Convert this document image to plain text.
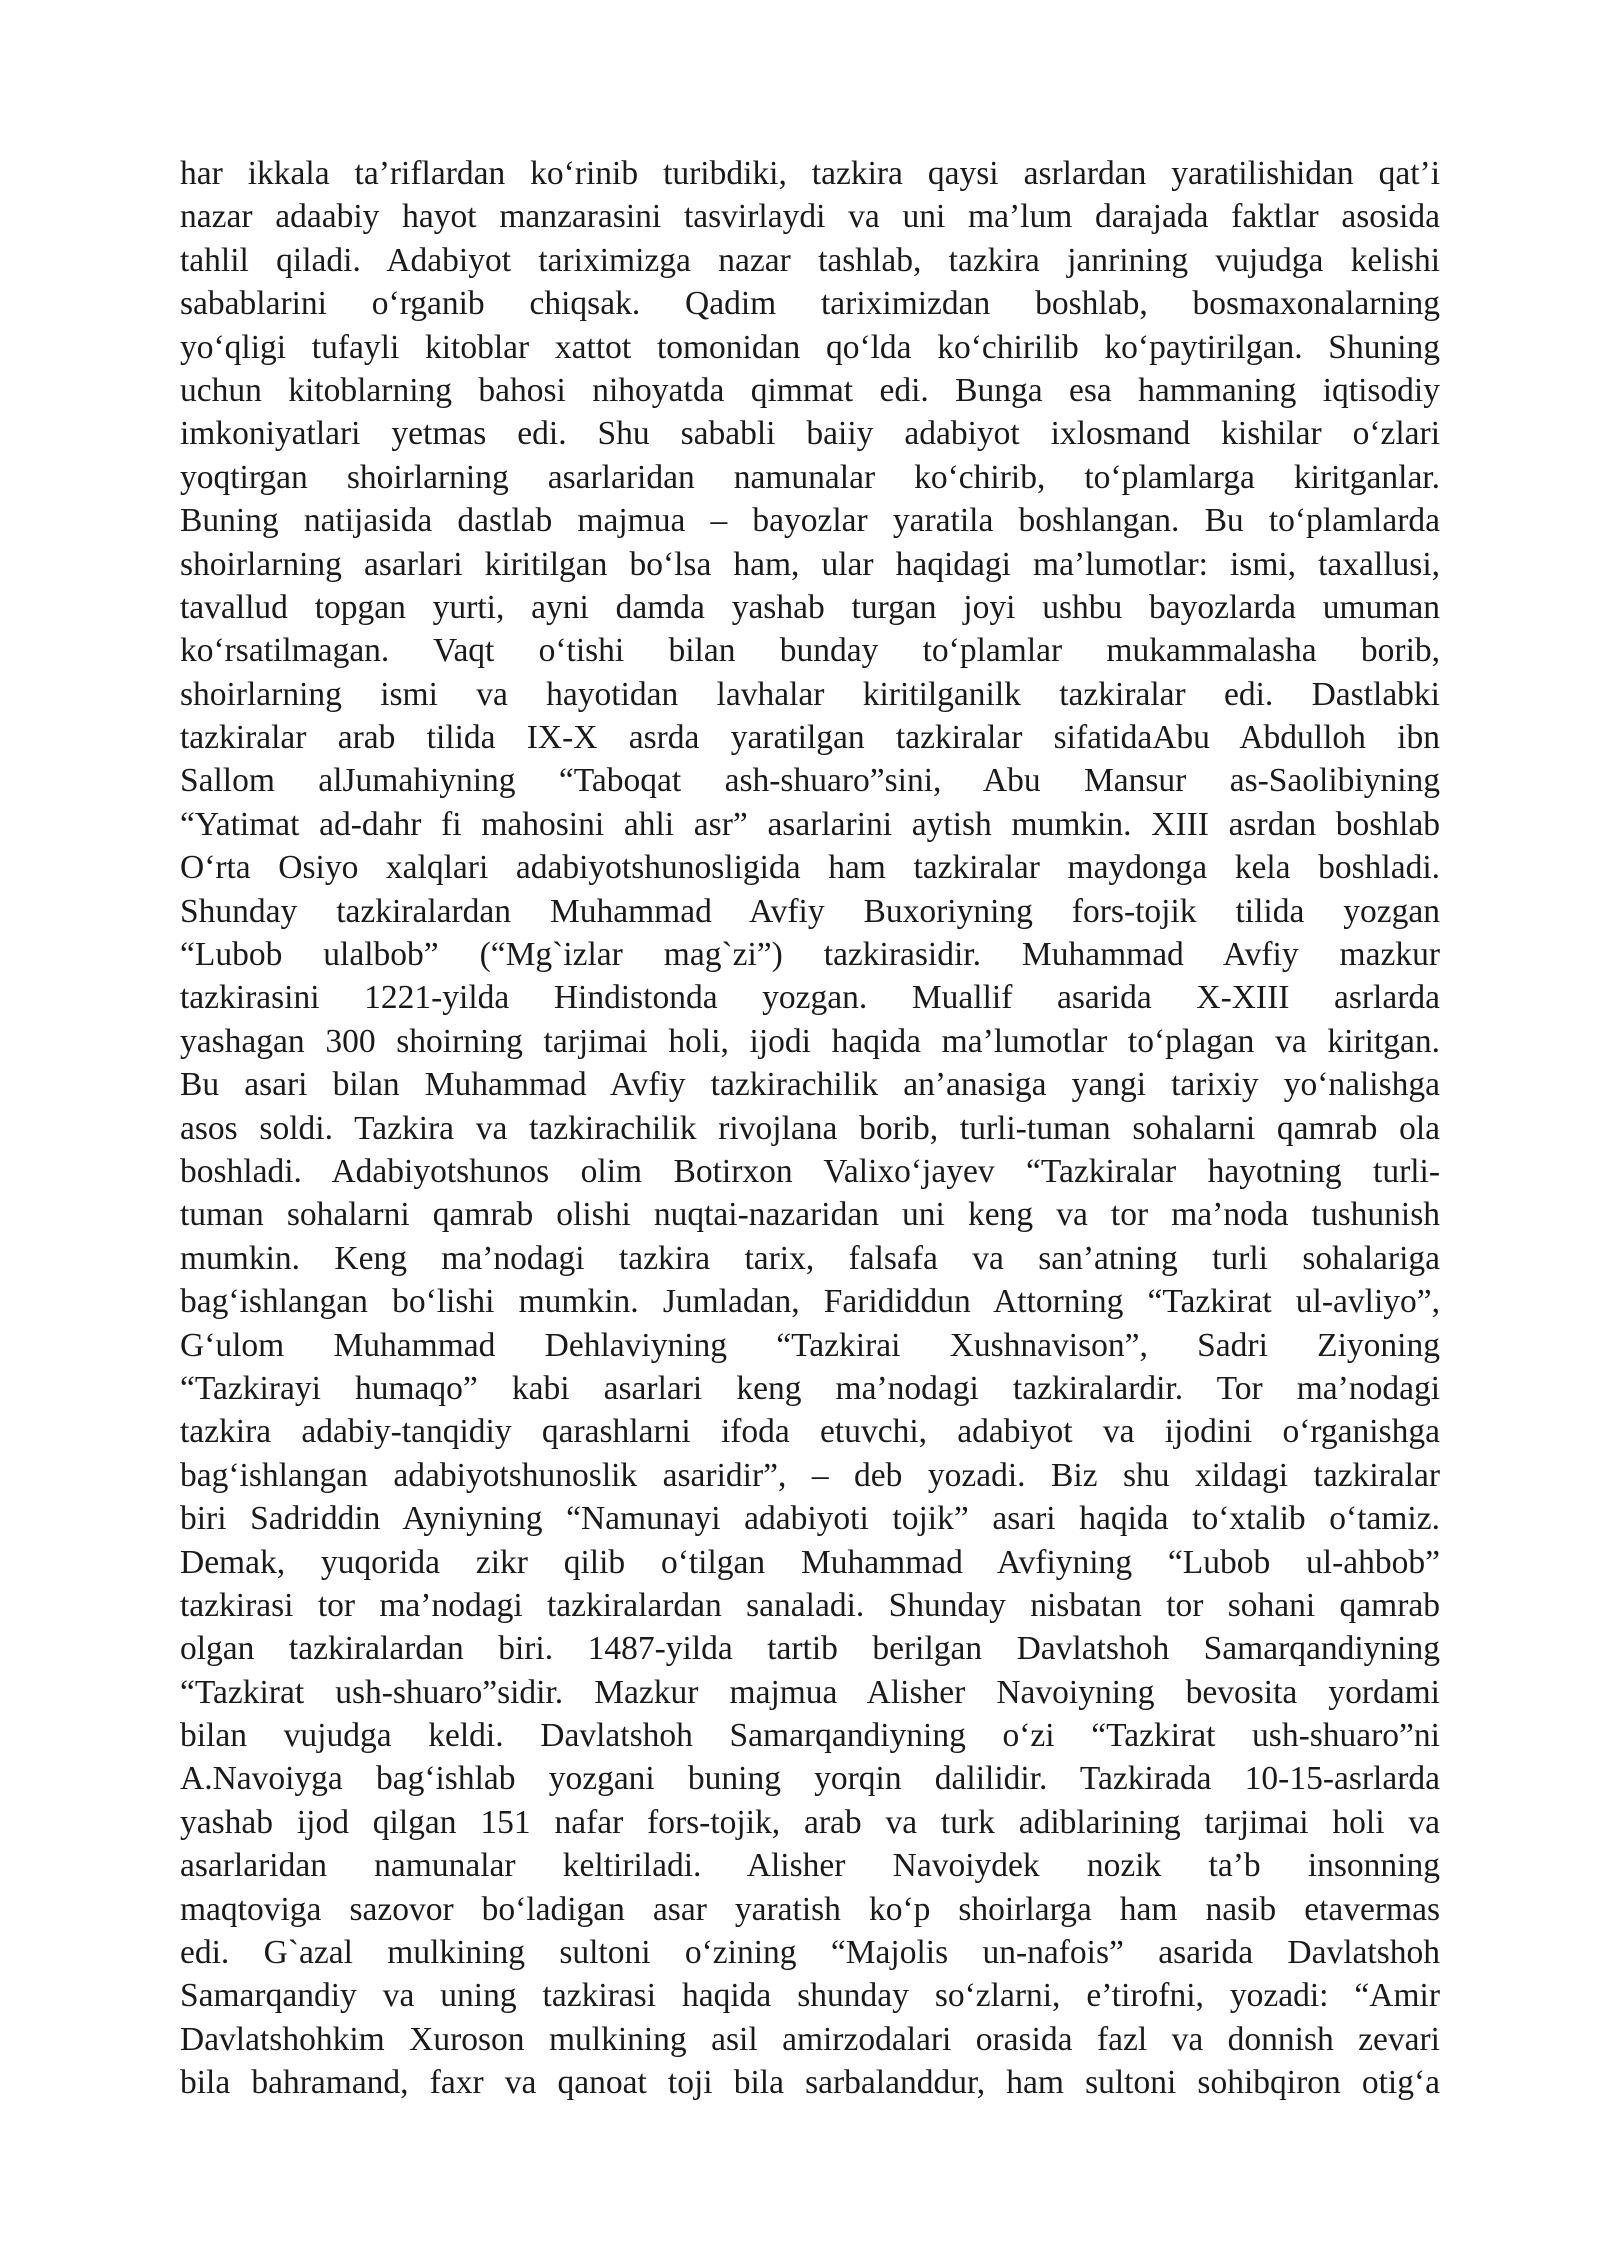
har ikkala ta’riflardan ko‘rinib turibdiki, tazkira qaysi asrlardan yaratilishidan qat’i
nazar adaabiy hayot manzarasini tasvirlaydi va uni ma’lum darajada faktlar asosida
tahlil qiladi. Adabiyot tariximizga nazar tashlab, tazkira janrining vujudga kelishi
sabablarini o‘rganib chiqsak. Qadim tariximizdan boshlab, bosmaxonalarning
yo‘qligi tufayli kitoblar xattot tomonidan qo‘lda ko‘chirilib ko‘paytirilgan. Shuning
uchun kitoblarning bahosi nihoyatda qimmat edi. Bunga esa hammaning iqtisodiy
imkoniyatlari yetmas edi. Shu sababli baiiy adabiyot ixlosmand kishilar o‘zlari
yoqtirgan shoirlarning asarlaridan namunalar ko‘chirib, to‘plamlarga kiritganlar.
Buning natijasida dastlab majmua – bayozlar yaratila boshlangan. Bu to‘plamlarda
shoirlarning asarlari kiritilgan bo‘lsa ham, ular haqidagi ma’lumotlar: ismi, taxallusi,
tavallud topgan yurti, ayni damda yashab turgan joyi ushbu bayozlarda umuman
ko‘rsatilmagan. Vaqt o‘tishi bilan bunday to‘plamlar mukammalasha borib,
shoirlarning ismi va hayotidan lavhalar kiritilganilk tazkiralar edi. Dastlabki
tazkiralar arab tilida IX-X asrda yaratilgan tazkiralar sifatidaAbu Abdulloh ibn
Sallom alJumahiyning “Taboqat ash-shuaro”sini, Abu Mansur as-Saolibiyning
“Yatimat ad-dahr fi mahosini ahli asr” asarlarini aytish mumkin. XIII asrdan boshlab
O‘rta Osiyo xalqlari adabiyotshunosligida ham tazkiralar maydonga kela boshladi.
Shunday tazkiralardan Muhammad Avfiy Buxoriyning fors-tojik tilida yozgan
“Lubob ulalbob” (“Mg`izlar mag`zi”) tazkirasidir. Muhammad Avfiy mazkur
tazkirasini 1221-yilda Hindistonda yozgan. Muallif asarida X-XIII asrlarda
yashagan 300 shoirning tarjimai holi, ijodi haqida ma’lumotlar to‘plagan va kiritgan.
Bu asari bilan Muhammad Avfiy tazkirachilik an’anasiga yangi tarixiy yo‘nalishga
asos soldi. Tazkira va tazkirachilik rivojlana borib, turli-tuman sohalarni qamrab ola
boshladi. Adabiyotshunos olim Botirxon Valixo‘jayev “Tazkiralar hayotning turli-
tuman sohalarni qamrab olishi nuqtai-nazaridan uni keng va tor ma’noda tushunish
mumkin. Keng ma’nodagi tazkira tarix, falsafa va san’atning turli sohalariga
bag‘ishlangan bo‘lishi mumkin. Jumladan, Farididdun Attorning “Tazkirat ul-avliyo”,
G‘ulom Muhammad Dehlaviyning “Tazkirai Xushnavison”, Sadri Ziyoning
“Tazkirayi humaqo” kabi asarlari keng ma’nodagi tazkiralardir. Tor ma’nodagi
tazkira adabiy-tanqidiy qarashlarni ifoda etuvchi, adabiyot va ijodini o‘rganishga
bag‘ishlangan adabiyotshunoslik asaridir”, – deb yozadi. Biz shu xildagi tazkiralar
biri Sadriddin Ayniyning “Namunayi adabiyoti tojik” asari haqida to‘xtalib o‘tamiz.
Demak, yuqorida zikr qilib o‘tilgan Muhammad Avfiyning “Lubob ul-ahbob”
tazkirasi tor ma’nodagi tazkiralardan sanaladi. Shunday nisbatan tor sohani qamrab
olgan tazkiralardan biri. 1487-yilda tartib berilgan Davlatshoh Samarqandiyning
“Tazkirat ush-shuaro”sidir. Mazkur majmua Alisher Navoiyning bevosita yordami
bilan vujudga keldi. Davlatshoh Samarqandiyning o‘zi “Tazkirat ush-shuaro”ni
A.Navoiyga bag‘ishlab yozgani buning yorqin dalilidir. Tazkirada 10-15-asrlarda
yashab ijod qilgan 151 nafar fors-tojik, arab va turk adiblarining tarjimai holi va
asarlaridan namunalar keltiriladi. Alisher Navoiydek nozik ta’b insonning
maqtoviga sazovor bo‘ladigan asar yaratish ko‘p shoirlarga ham nasib etavermas
edi. G`azal mulkining sultoni o‘zining “Majolis un-nafois” asarida Davlatshoh
Samarqandiy va uning tazkirasi haqida shunday so‘zlarni, e’tirofni, yozadi: “Amir
Davlatshohkim Xuroson mulkining asil amirzodalari orasida fazl va donnish zevari
bila bahramand, faxr va qanoat toji bila sarbalanddur, ham sultoni sohibqiron otig‘a
